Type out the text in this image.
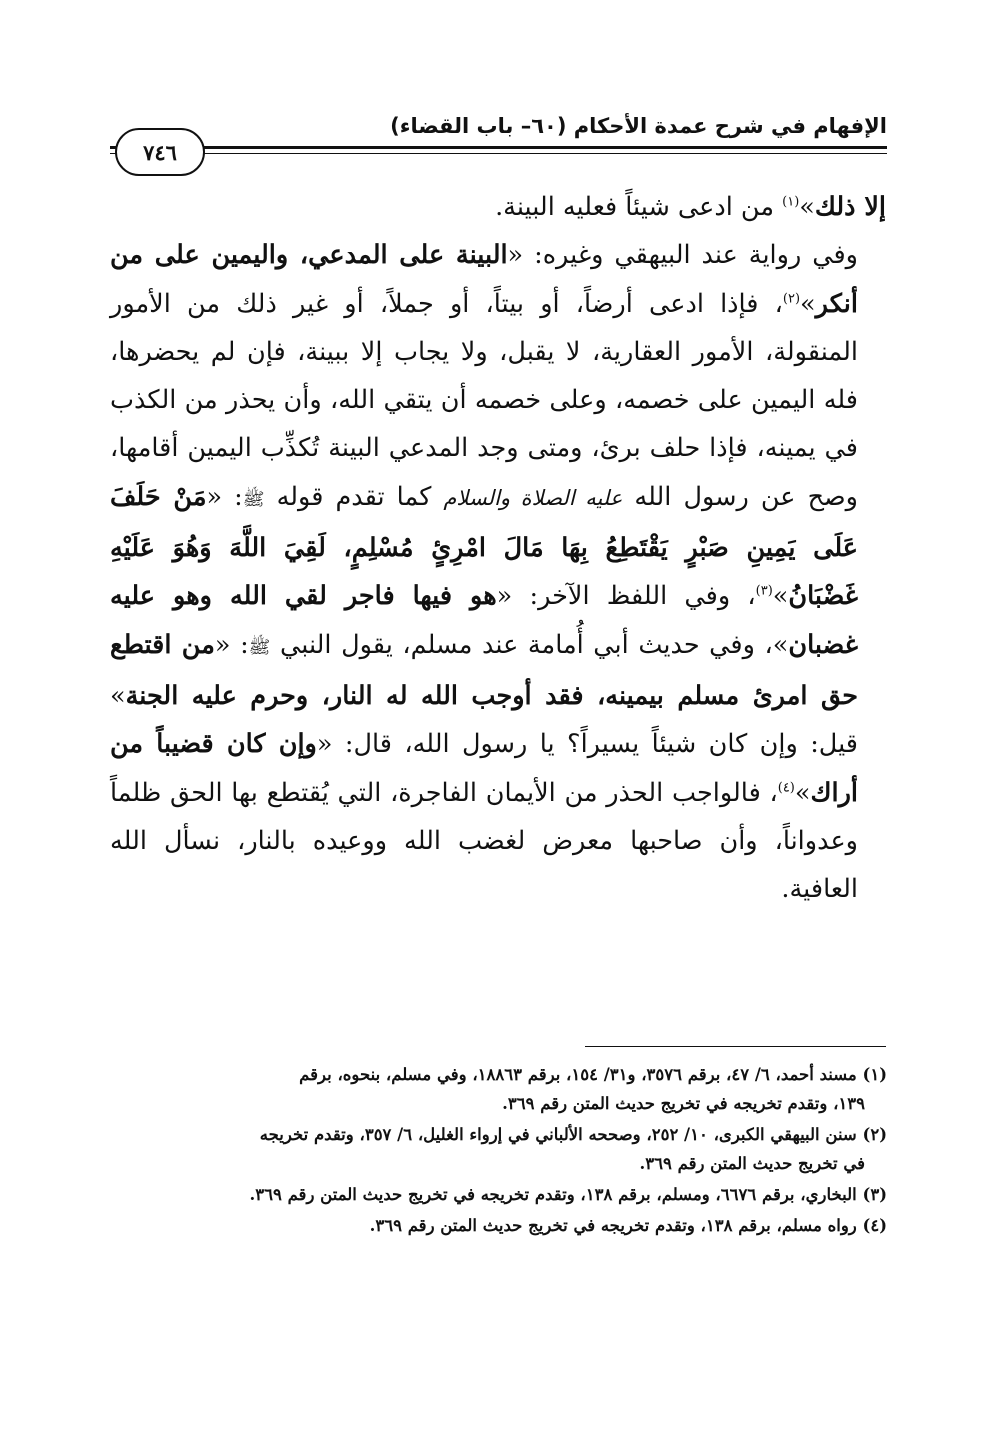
الإفهام في شرح عمدة الأحكام (٦٠– باب القضاء)
٧٤٦

إلا ذلك»$^{(١)}$ من ادعى شيئاً فعليه البينة.

وفي رواية عند البيهقي وغيره: «البينة على المدعي، واليمين على من أنكر»$^{(٢)}$، فإذا ادعى أرضاً، أو بيتاً، أو جملاً، أو غير ذلك من الأمور المنقولة، الأمور العقارية، لا يقبل، ولا يجاب إلا ببينة، فإن لم يحضرها، فله اليمين على خصمه، وعلى خصمه أن يتقي الله، وأن يحذر من الكذب في يمينه، فإذا حلف برئ، ومتى وجد المدعي البينة تُكذِّب اليمين أقامها، وصح عن رسول الله عليه الصلاة والسلام كما تقدم قوله ﷺ: «مَنْ حَلَفَ عَلَى يَمِينِ صَبْرٍ يَقْتَطِعُ بِهَا مَالَ امْرِئٍ مُسْلِمٍ، لَقِيَ اللَّهَ وَهُوَ عَلَيْهِ غَضْبَانُ»$^{(٣)}$، وفي اللفظ الآخر: «هو فيها فاجر لقي الله وهو عليه غضبان»، وفي حديث أبي أُمامة عند مسلم، يقول النبي ﷺ: «من اقتطع حق امرئ مسلم بيمينه، فقد أوجب الله له النار، وحرم عليه الجنة» قيل: وإن كان شيئاً يسيراً؟ يا رسول الله، قال: «وإن كان قضيباً من أراك»$^{(٤)}$، فالواجب الحذر من الأيمان الفاجرة، التي يُقتطع بها الحق ظلماً وعدواناً، وأن صاحبها معرض لغضب الله ووعيده بالنار، نسأل الله العافية.

(١) مسند أحمد، ٦/ ٤٧، برقم ٣٥٧٦، و٣١/ ١٥٤، برقم ١٨٨٦٣، وفي مسلم، بنحوه، برقم
١٣٩، وتقدم تخريجه في تخريج حديث المتن رقم ٣٦٩.

(٢) سنن البيهقي الكبرى، ١٠/ ٢٥٢، وصححه الألباني في إرواء الغليل، ٦/ ٣٥٧، وتقدم تخريجه
في تخريج حديث المتن رقم ٣٦٩.

(٣) البخاري، برقم ٦٦٧٦، ومسلم، برقم ١٣٨، وتقدم تخريجه في تخريج حديث المتن رقم ٣٦٩.

(٤) رواه مسلم، برقم ١٣٨، وتقدم تخريجه في تخريج حديث المتن رقم ٣٦٩.
